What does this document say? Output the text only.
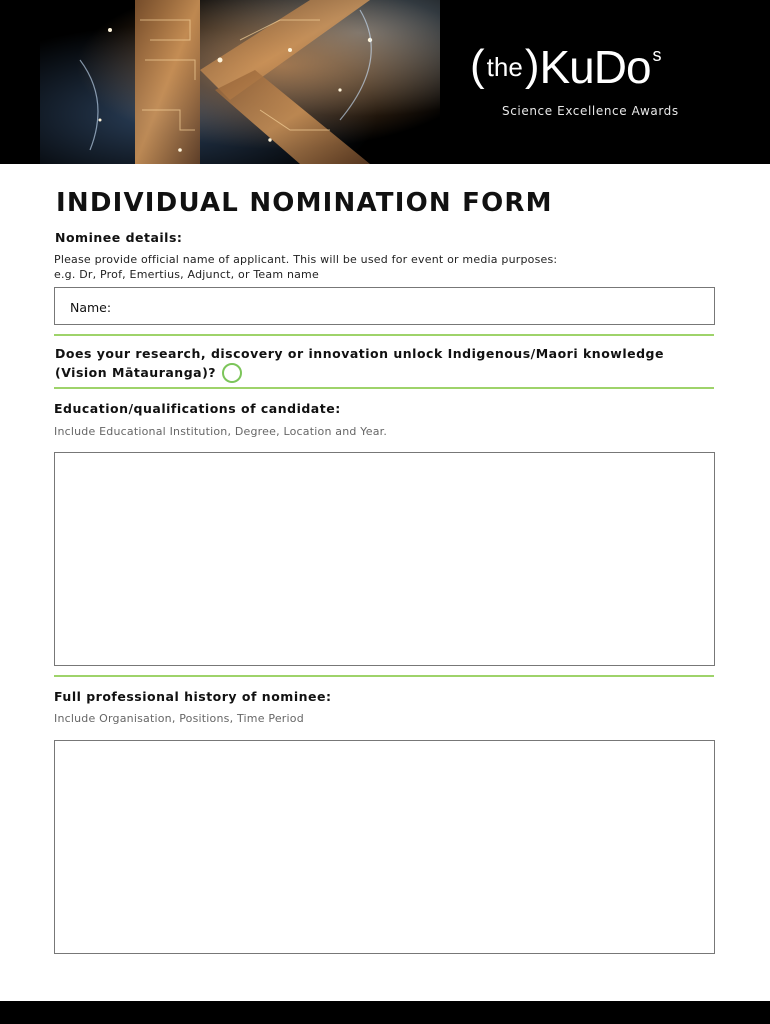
(the)KuDo s
Science Excellence Awards
INDIVIDUAL NOMINATION FORM
Nominee details:
Please provide official name of applicant. This will be used for event or media purposes:
e.g. Dr, Prof, Emertius, Adjunct, or Team name
Name:
Does your research, discovery or innovation unlock Indigenous/Maori knowledge
(Vision Mātauranga)?
Education/qualifications of candidate:
Include Educational Institution, Degree, Location and Year.
Full professional history of nominee:
Include Organisation, Positions, Time Period
